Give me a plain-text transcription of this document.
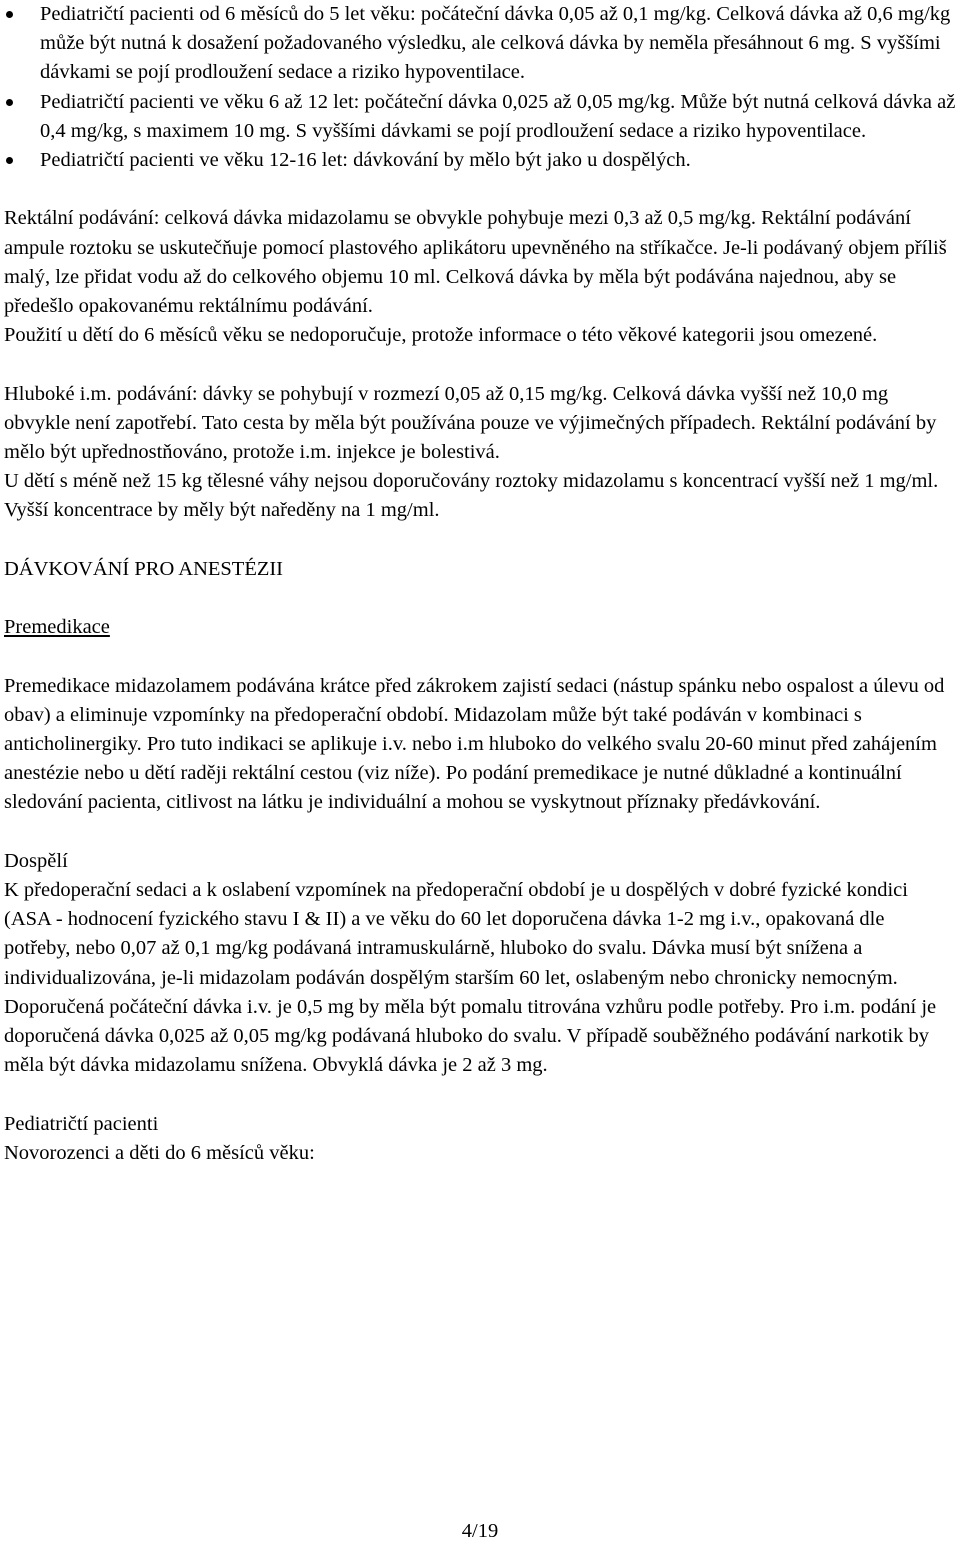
Pediatričtí pacienti od 6 měsíců do 5 let věku: počáteční dávka 0,05 až 0,1 mg/kg. Celková dávka až 0,6 mg/kg může být nutná k dosažení požadovaného výsledku, ale celková dávka by neměla přesáhnout 6 mg. S vyššími dávkami se pojí prodloužení sedace a riziko hypoventilace.
Pediatričtí pacienti ve věku 6 až 12 let: počáteční dávka 0,025 až 0,05 mg/kg. Může být nutná celková dávka až 0,4 mg/kg, s maximem 10 mg. S vyššími dávkami se pojí prodloužení sedace a riziko hypoventilace.
Pediatričtí pacienti ve věku 12-16 let: dávkování by mělo být jako u dospělých.

Rektální podávání: celková dávka midazolamu se obvykle pohybuje mezi 0,3 až 0,5 mg/kg. Rektální podávání ampule roztoku se uskutečňuje pomocí plastového aplikátoru upevněného na stříkačce. Je-li podávaný objem příliš malý, lze přidat vodu až do celkového objemu 10 ml. Celková dávka by měla být podávána najednou, aby se předešlo opakovanému rektálnímu podávání.

Použití u dětí do 6 měsíců věku se nedoporučuje, protože informace o této věkové kategorii jsou omezené.

Hluboké i.m. podávání: dávky se pohybují v rozmezí 0,05 až 0,15 mg/kg. Celková dávka vyšší než 10,0 mg obvykle není zapotřebí. Tato cesta by měla být používána pouze ve výjimečných případech. Rektální podávání by mělo být upřednostňováno, protože i.m. injekce je bolestivá.

U dětí s méně než 15 kg tělesné váhy nejsou doporučovány roztoky midazolamu s koncentrací vyšší než 1 mg/ml. Vyšší koncentrace by měly být naředěny na 1 mg/ml.

DÁVKOVÁNÍ PRO ANESTÉZII

Premedikace

Premedikace midazolamem podávána krátce před zákrokem zajistí sedaci (nástup spánku nebo ospalost a úlevu od obav) a eliminuje vzpomínky na předoperační období. Midazolam může být také podáván v kombinaci s anticholinergiky. Pro tuto indikaci se aplikuje i.v. nebo i.m hluboko do velkého svalu 20-60 minut před zahájením anestézie nebo u dětí raději rektální cestou (viz níže). Po podání premedikace je nutné důkladné a kontinuální sledování pacienta, citlivost na látku je individuální a mohou se vyskytnout příznaky předávkování.

Dospělí

K předoperační sedaci a k oslabení vzpomínek na předoperační období je u dospělých v dobré fyzické kondici (ASA - hodnocení fyzického stavu I & II) a ve věku do 60 let doporučena dávka 1-2 mg i.v., opakovaná dle potřeby, nebo 0,07 až 0,1 mg/kg podávaná intramuskulárně, hluboko do svalu. Dávka musí být snížena a individualizována, je-li midazolam podáván dospělým starším 60 let, oslabeným nebo chronicky nemocným. Doporučená počáteční dávka i.v. je 0,5 mg by měla být pomalu titrována vzhůru podle potřeby. Pro i.m. podání je doporučená dávka 0,025 až 0,05 mg/kg podávaná hluboko do svalu. V případě souběžného podávání narkotik by měla být dávka midazolamu snížena. Obvyklá dávka je 2 až 3 mg.

Pediatričtí pacienti

Novorozenci a děti do 6 měsíců věku:

4/19
